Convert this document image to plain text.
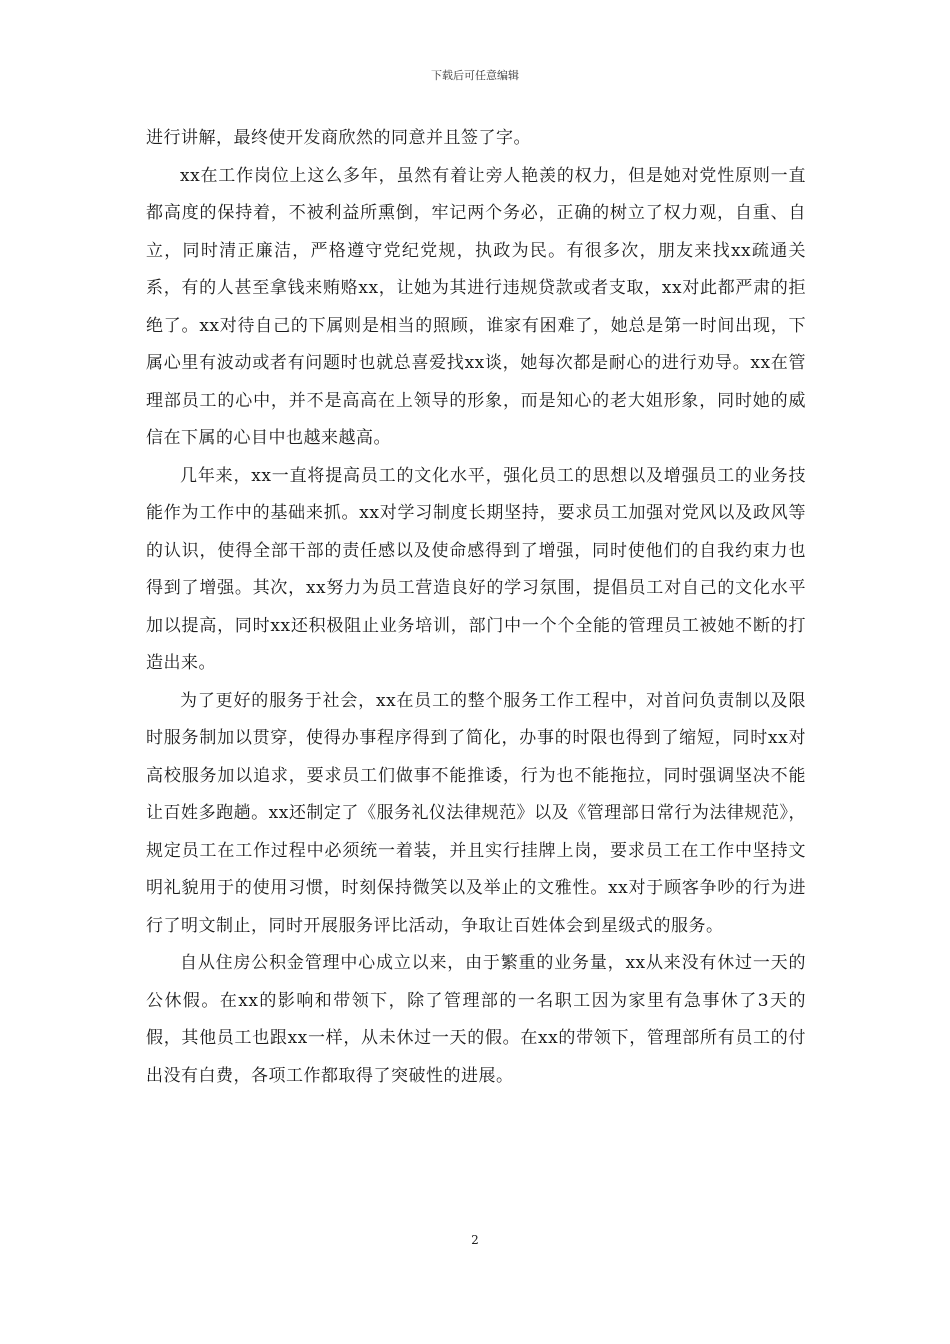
下载后可任意编辑

进行讲解，最终使开发商欣然的同意并且签了字。

xx在工作岗位上这么多年，虽然有着让旁人艳羡的权力，但是她对党性原则一直都高度的保持着，不被利益所熏倒，牢记两个务必，正确的树立了权力观，自重、自立，同时清正廉洁，严格遵守党纪党规，执政为民。有很多次，朋友来找xx疏通关系，有的人甚至拿钱来贿赂xx，让她为其进行违规贷款或者支取，xx对此都严肃的拒绝了。xx对待自己的下属则是相当的照顾，谁家有困难了，她总是第一时间出现，下属心里有波动或者有问题时也就总喜爱找xx谈，她每次都是耐心的进行劝导。xx在管理部员工的心中，并不是高高在上领导的形象，而是知心的老大姐形象，同时她的威信在下属的心目中也越来越高。

几年来，xx一直将提高员工的文化水平，强化员工的思想以及增强员工的业务技能作为工作中的基础来抓。xx对学习制度长期坚持，要求员工加强对党风以及政风等的认识，使得全部干部的责任感以及使命感得到了增强，同时使他们的自我约束力也得到了增强。其次，xx努力为员工营造良好的学习氛围，提倡员工对自己的文化水平加以提高，同时xx还积极阻止业务培训，部门中一个个全能的管理员工被她不断的打造出来。

为了更好的服务于社会，xx在员工的整个服务工作工程中，对首问负责制以及限时服务制加以贯穿，使得办事程序得到了简化，办事的时限也得到了缩短，同时xx对高校服务加以追求，要求员工们做事不能推诿，行为也不能拖拉，同时强调坚决不能让百姓多跑趟。xx还制定了《服务礼仪法律规范》以及《管理部日常行为法律规范》，规定员工在工作过程中必须统一着装，并且实行挂牌上岗，要求员工在工作中坚持文明礼貌用于的使用习惯，时刻保持微笑以及举止的文雅性。xx对于顾客争吵的行为进行了明文制止，同时开展服务评比活动，争取让百姓体会到星级式的服务。

自从住房公积金管理中心成立以来，由于繁重的业务量，xx从来没有休过一天的公休假。在xx的影响和带领下，除了管理部的一名职工因为家里有急事休了3天的假，其他员工也跟xx一样，从未休过一天的假。在xx的带领下，管理部所有员工的付出没有白费，各项工作都取得了突破性的进展。

2
